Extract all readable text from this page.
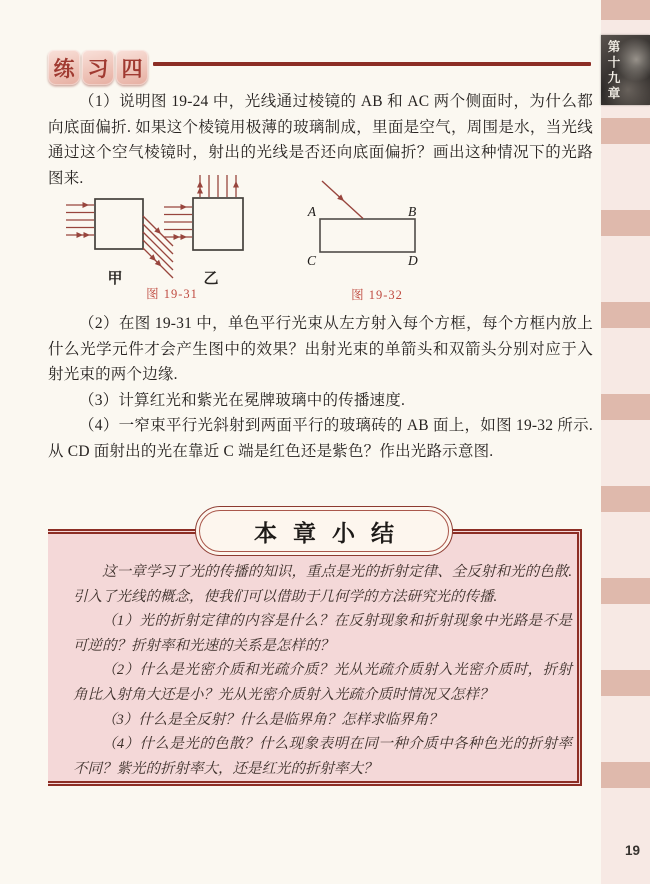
第十九章
19
练 习 四

（1）说明图 19-24 中，光线通过棱镜的 AB 和 AC 两个侧面时，为什么都向底面偏折. 如果这个棱镜用极薄的玻璃制成，里面是空气，周围是水，当光线通过这个空气棱镜时，射出的光线是否还向底面偏折？画出这种情况下的光路图来.

A	B
C	D
甲	乙
图 19-31	图 19-32

（2）在图 19-31 中，单色平行光束从左方射入每个方框，每个方框内放上什么光学元件才会产生图中的效果？出射光束的单箭头和双箭头分别对应于入射光束的两个边缘.

（3）计算红光和紫光在冕牌玻璃中的传播速度.

（4）一窄束平行光斜射到两面平行的玻璃砖的 AB 面上，如图 19-32 所示. 从 CD 面射出的光在靠近 C 端是红色还是紫色？作出光路示意图.

本章小结

这一章学习了光的传播的知识，重点是光的折射定律、全反射和光的色散. 引入了光线的概念，使我们可以借助于几何学的方法研究光的传播.

（1）光的折射定律的内容是什么？在反射现象和折射现象中光路是不是可逆的？折射率和光速的关系是怎样的？

（2）什么是光密介质和光疏介质？光从光疏介质射入光密介质时，折射角比入射角大还是小？光从光密介质射入光疏介质时情况又怎样？

（3）什么是全反射？什么是临界角？怎样求临界角？

（4）什么是光的色散？什么现象表明在同一种介质中各种色光的折射率不同？紫光的折射率大，还是红光的折射率大？
